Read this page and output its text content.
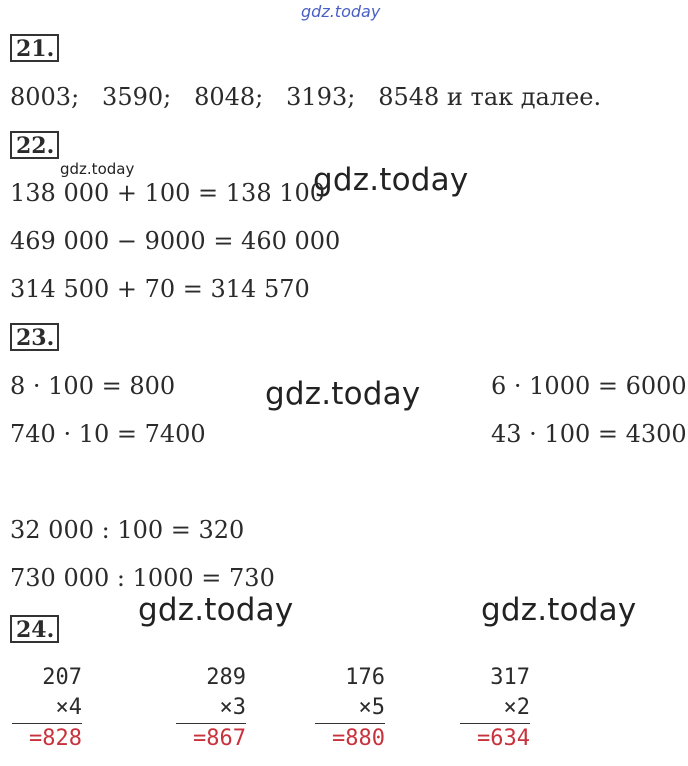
gdz.today
gdz.today	gdz.today
gdz.today
gdz.today	gdz.today
21.
8003;   3590;   8048;   3193;   8548 и так далее.
22.
138 000 + 100 = 138 100
469 000 − 9000 = 460 000
314 500 + 70 = 314 570
23.
8 · 100 = 800
740 · 10 = 7400
6 · 1000 = 6000
43 · 100 = 4300
32 000 : 100 = 320
730 000 : 1000 = 730
24.
207
×4
=828
289
×3
=867
176
×5
=880
317
×2
=634
